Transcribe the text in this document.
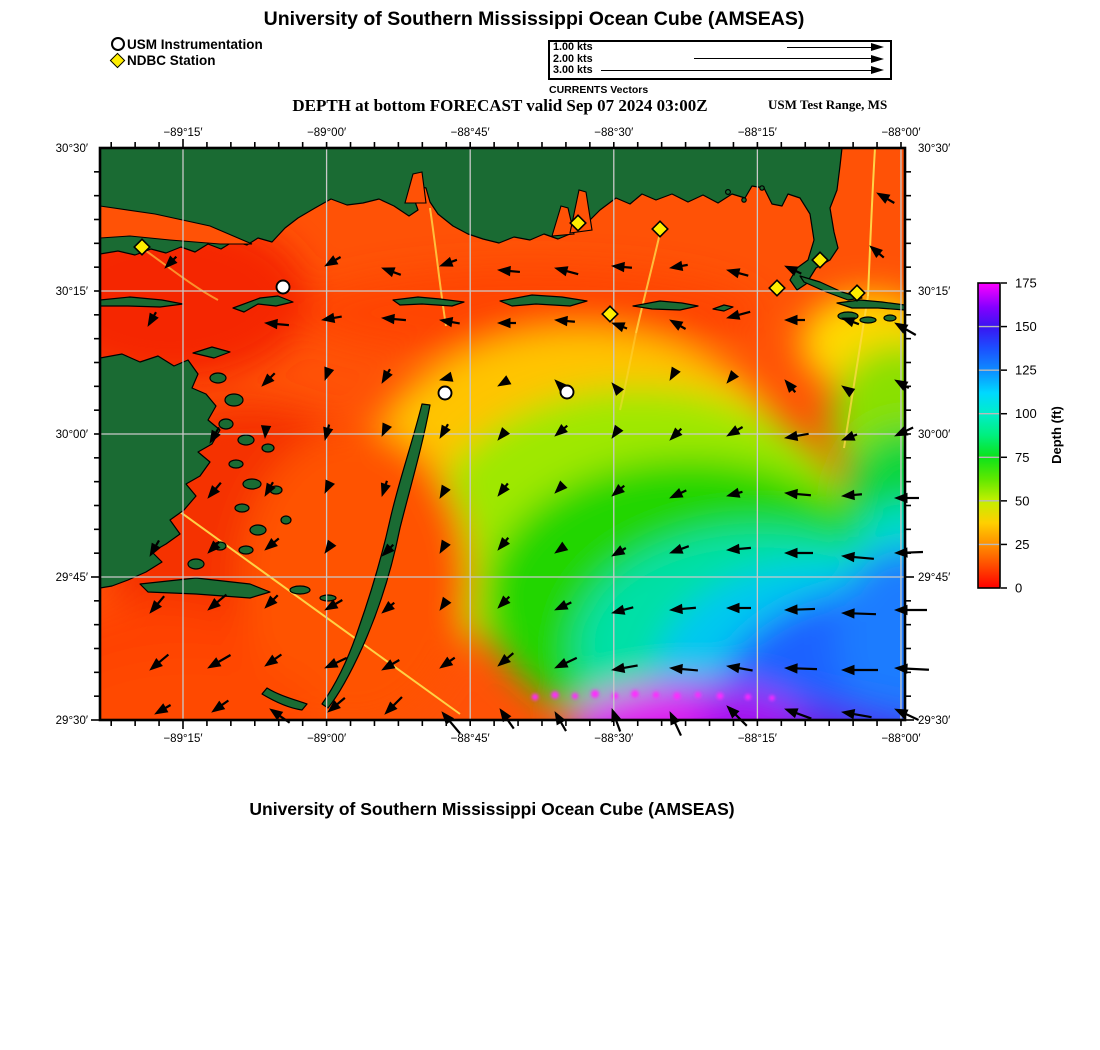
University of Southern Mississippi Ocean Cube (AMSEAS)
USM Instrumentation
NDBC Station
1.00 kts
2.00 kts
3.00 kts
CURRENTS Vectors
DEPTH at bottom FORECAST valid Sep 07 2024 03:00Z	USM Test Range, MS
−89°15′
−89°15′
−89°00′
−89°00′
−88°45′
−88°45′
−88°30′
−88°30′
−88°15′
−88°15′
−88°00′
−88°00′
30°30′	30°30′
30°15′	30°15′
30°00′	30°00′
29°45′	29°45′
29°30′	29°30′
0
25
50
75
100
125
150
175
Depth (ft)
University of Southern Mississippi Ocean Cube (AMSEAS)
